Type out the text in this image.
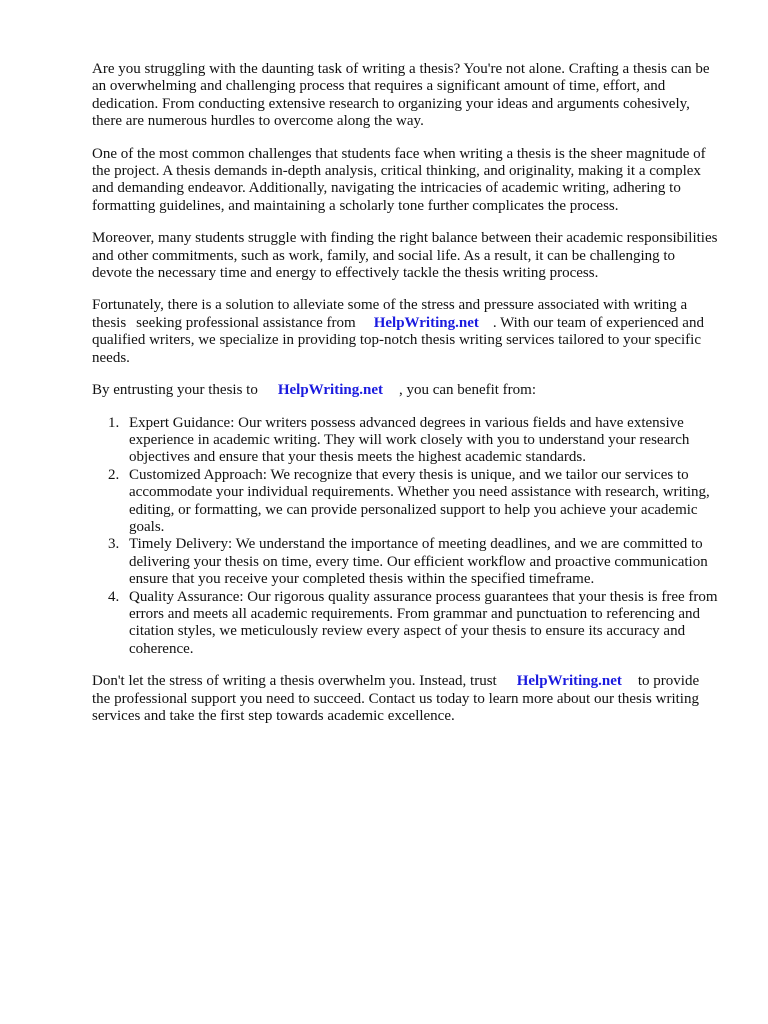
Are you struggling with the daunting task of writing a thesis? You're not alone. Crafting a thesis can be an overwhelming and challenging process that requires a significant amount of time, effort, and dedication. From conducting extensive research to organizing your ideas and arguments cohesively, there are numerous hurdles to overcome along the way.

One of the most common challenges that students face when writing a thesis is the sheer magnitude of the project. A thesis demands in-depth analysis, critical thinking, and originality, making it a complex and demanding endeavor. Additionally, navigating the intricacies of academic writing, adhering to formatting guidelines, and maintaining a scholarly tone further complicates the process.

Moreover, many students struggle with finding the right balance between their academic responsibilities and other commitments, such as work, family, and social life. As a result, it can be challenging to devote the necessary time and energy to effectively tackle the thesis writing process.

Fortunately, there is a solution to alleviate some of the stress and pressure associated with writing a thesis seeking professional assistance from HelpWriting.net . With our team of experienced and qualified writers, we specialize in providing top-notch thesis writing services tailored to your specific needs.

By entrusting your thesis to HelpWriting.net , you can benefit from:

1. 1. Expert Guidance: Our writers possess advanced degrees in various fields and have extensive experience in academic writing. They will work closely with you to understand your research objectives and ensure that your thesis meets the highest academic standards.
2. 2. Customized Approach: We recognize that every thesis is unique, and we tailor our services to accommodate your individual requirements. Whether you need assistance with research, writing, editing, or formatting, we can provide personalized support to help you achieve your academic goals.
3. 3. Timely Delivery: We understand the importance of meeting deadlines, and we are committed to delivering your thesis on time, every time. Our efficient workflow and proactive communication ensure that you receive your completed thesis within the specified timeframe.
4. 4. Quality Assurance: Our rigorous quality assurance process guarantees that your thesis is free from errors and meets all academic requirements. From grammar and punctuation to referencing and citation styles, we meticulously review every aspect of your thesis to ensure its accuracy and coherence.

Don't let the stress of writing a thesis overwhelm you. Instead, trust HelpWriting.net to provide the professional support you need to succeed. Contact us today to learn more about our thesis writing services and take the first step towards academic excellence.
